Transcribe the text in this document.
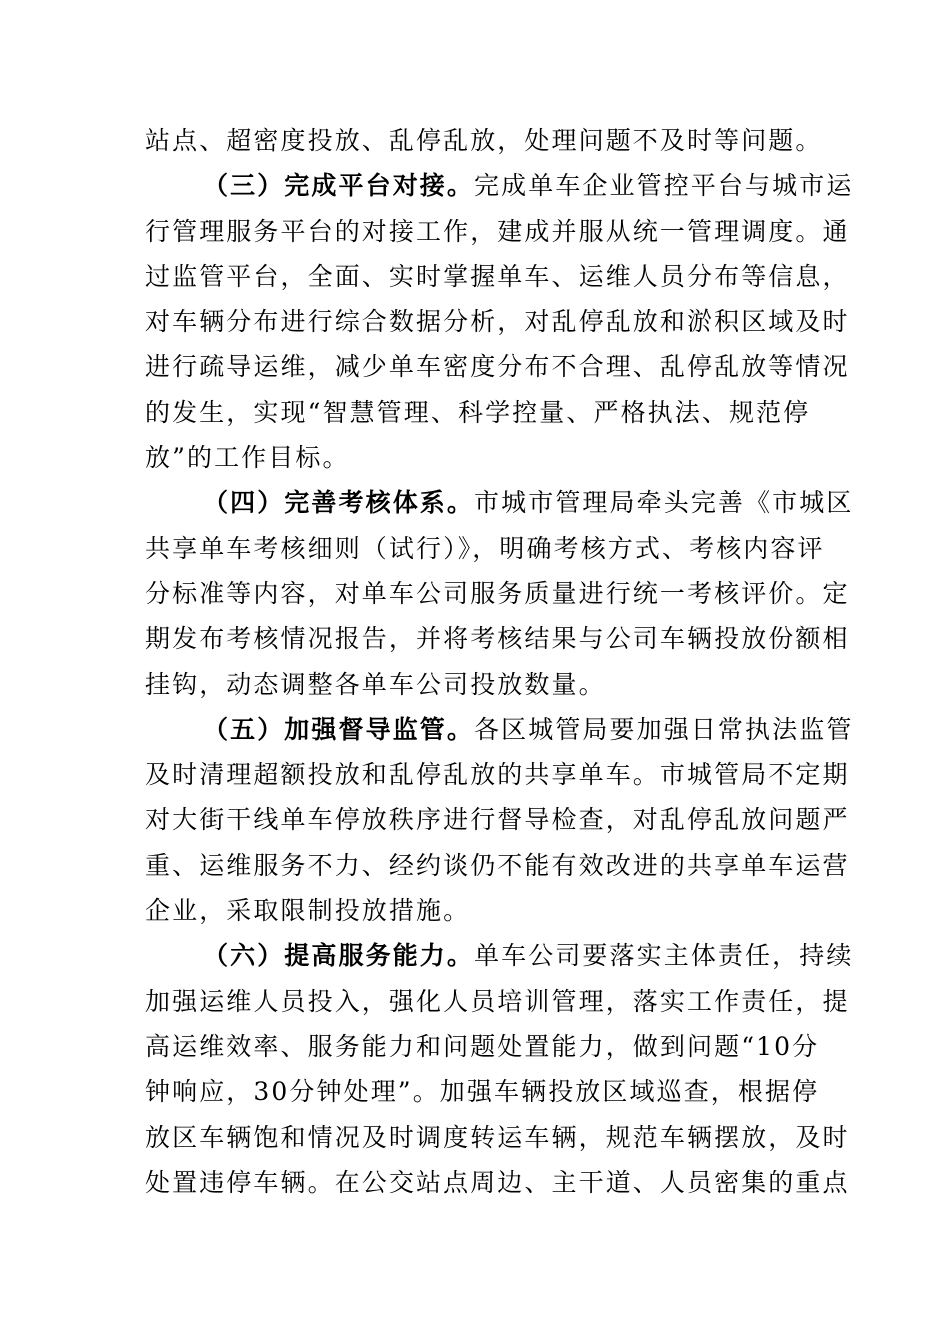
站点、超密度投放、乱停乱放，处理问题不及时等问题。
（三）完成平台对接。完成单车企业管控平台与城市运
行管理服务平台的对接工作，建成并服从统一管理调度。通
过监管平台，全面、实时掌握单车、运维人员分布等信息，
对车辆分布进行综合数据分析，对乱停乱放和淤积区域及时
进行疏导运维，减少单车密度分布不合理、乱停乱放等情况
的发生，实现“智慧管理、科学控量、严格执法、规范停
放”的工作目标。
（四）完善考核体系。市城市管理局牵头完善《市城区
共享单车考核细则（试行）》，明确考核方式、考核内容评
分标准等内容，对单车公司服务质量进行统一考核评价。定
期发布考核情况报告，并将考核结果与公司车辆投放份额相
挂钩，动态调整各单车公司投放数量。
（五）加强督导监管。各区城管局要加强日常执法监管
及时清理超额投放和乱停乱放的共享单车。市城管局不定期
对大街干线单车停放秩序进行督导检查，对乱停乱放问题严
重、运维服务不力、经约谈仍不能有效改进的共享单车运营
企业，采取限制投放措施。
（六）提高服务能力。单车公司要落实主体责任，持续
加强运维人员投入，强化人员培训管理，落实工作责任，提
高运维效率、服务能力和问题处置能力，做到问题“10分
钟响应，30分钟处理”。加强车辆投放区域巡查，根据停
放区车辆饱和情况及时调度转运车辆，规范车辆摆放，及时
处置违停车辆。在公交站点周边、主干道、人员密集的重点
